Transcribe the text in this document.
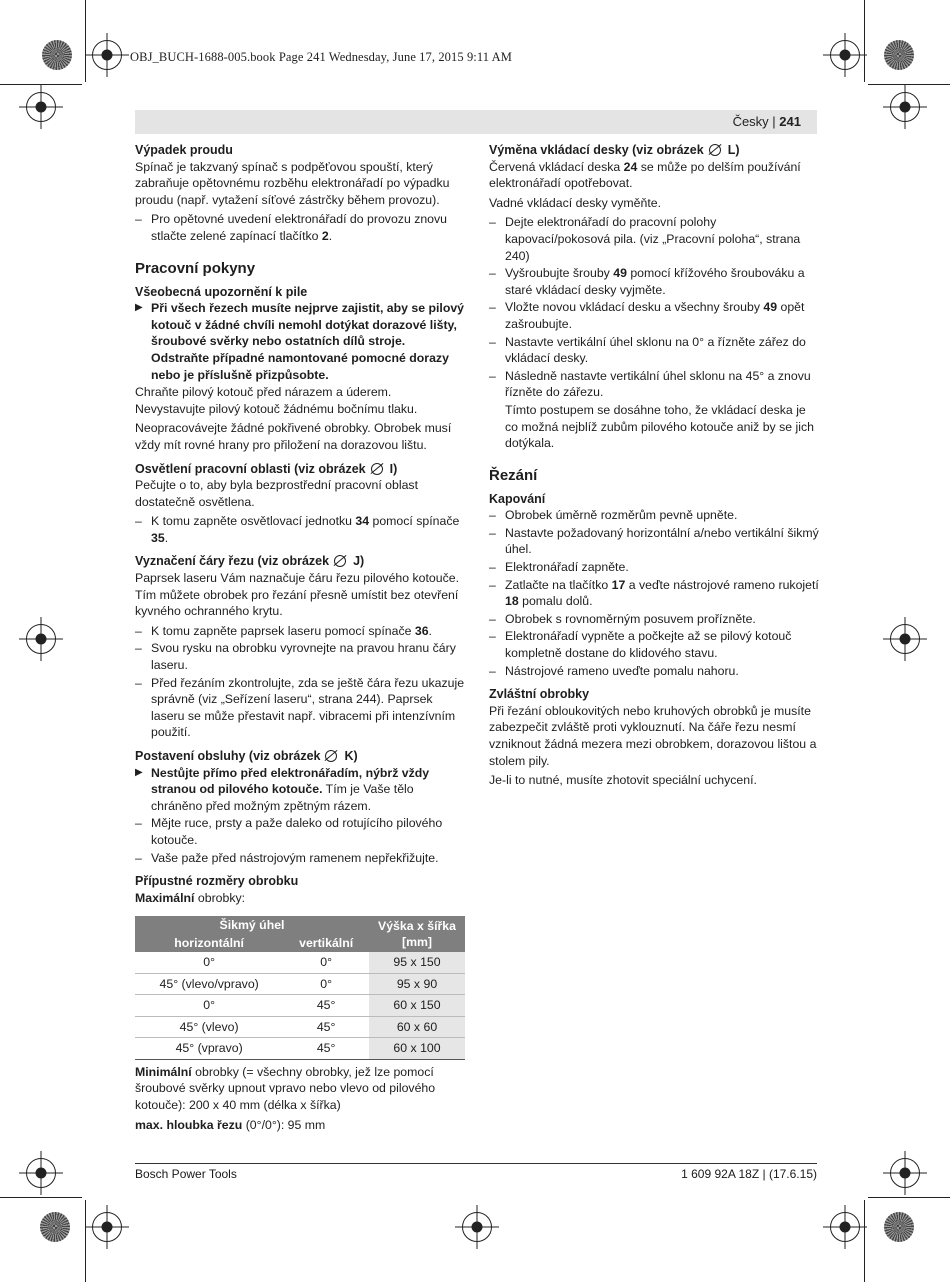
OBJ_BUCH-1688-005.book Page 241 Wednesday, June 17, 2015 9:11 AM
Česky | 241
Výpadek proudu

Spínač je takzvaný spínač s podpěťovou spouští, který zabraňuje opětovnému rozběhu elektronářadí po výpadku proudu (např. vytažení síťové zástrčky během provozu).

– Pro opětovné uvedení elektronářadí do provozu znovu stlačte zelené zapínací tlačítko 2.
Pracovní pokyny
Všeobecná upozornění k pile
▶ Při všech řezech musíte nejprve zajistit, aby se pilový kotouč v žádné chvíli nemohl dotýkat dorazové lišty, šroubové svěrky nebo ostatních dílů stroje. Odstraňte případné namontované pomocné dorazy nebo je příslušně přizpůsobte.

Chraňte pilový kotouč před nárazem a úderem. Nevystavujte pilový kotouč žádnému bočnímu tlaku.

Neopracovávejte žádné pokřivené obrobky. Obrobek musí vždy mít rovné hrany pro přiložení na dorazovou lištu.

Osvětlení pracovní oblasti (viz obrázek I)

Pečujte o to, aby byla bezprostřední pracovní oblast dostatečně osvětlena.

– K tomu zapněte osvětlovací jednotku 34 pomocí spínače 35.
Vyznačení čáry řezu (viz obrázek J)

Paprsek laseru Vám naznačuje čáru řezu pilového kotouče. Tím můžete obrobek pro řezání přesně umístit bez otevření kyvného ochranného krytu.

– K tomu zapněte paprsek laseru pomocí spínače 36.
– Svou rysku na obrobku vyrovnejte na pravou hranu čáry laseru.
– Před řezáním zkontrolujte, zda se ještě čára řezu ukazuje správně (viz „Seřízení laseru“, strana 244). Paprsek laseru se může přestavit např. vibracemi při intenzívním použití.
Postavení obsluhy (viz obrázek K)
▶ Nestůjte přímo před elektronářadím, nýbrž vždy stranou od pilového kotouče. Tím je Vaše tělo chráněno před možným zpětným rázem.
– Mějte ruce, prsty a paže daleko od rotujícího pilového kotouče.
– Vaše paže před nástrojovým ramenem nepřekřižujte.
Přípustné rozměry obrobku

Maximální obrobky:

Šikmý úhel		Výška x šířka [mm]
horizontální	vertikální	
0°	0°	95 x 150
45° (vlevo/vpravo)	0°	95 x 90
0°	45°	60 x 150
45° (vlevo)	45°	60 x 60
45° (vpravo)	45°	60 x 100

Minimální obrobky (= všechny obrobky, jež lze pomocí šroubové svěrky upnout vpravo nebo vlevo od pilového kotouče): 200 x 40 mm (délka x šířka)

max. hloubka řezu (0°/0°): 95 mm

Výměna vkládací desky (viz obrázek L)

Červená vkládací deska 24 se může po delším používání elektronářadí opotřebovat.

Vadné vkládací desky vyměňte.

– Dejte elektronářadí do pracovní polohy kapovací/pokosová pila. (viz „Pracovní poloha“, strana 240)
– Vyšroubujte šrouby 49 pomocí křížového šroubováku a staré vkládací desky vyjměte.
– Vložte novou vkládací desku a všechny šrouby 49 opět zašroubujte.
– Nastavte vertikální úhel sklonu na 0° a řízněte zářez do vkládací desky.
– Následně nastavte vertikální úhel sklonu na 45° a znovu řízněte do zářezu.

Tímto postupem se dosáhne toho, že vkládací deska je co možná nejblíž zubům pilového kotouče aniž by se jich dotýkala.

Řezání
Kapování
– Obrobek úměrně rozměrům pevně upněte.
– Nastavte požadovaný horizontální a/nebo vertikální šikmý úhel.
– Elektronářadí zapněte.
– Zatlačte na tlačítko 17 a veďte nástrojové rameno rukojetí 18 pomalu dolů.
– Obrobek s rovnoměrným posuvem prořízněte.
– Elektronářadí vypněte a počkejte až se pilový kotouč kompletně dostane do klidového stavu.
– Nástrojové rameno uveďte pomalu nahoru.
Zvláštní obrobky

Při řezání obloukovitých nebo kruhových obrobků je musíte zabezpečit zvláště proti vyklouznutí. Na čáře řezu nesmí vzniknout žádná mezera mezi obrobkem, dorazovou lištou a stolem pily.

Je-li to nutné, musíte zhotovit speciální uchycení.

Bosch Power Tools	1 609 92A 18Z | (17.6.15)
